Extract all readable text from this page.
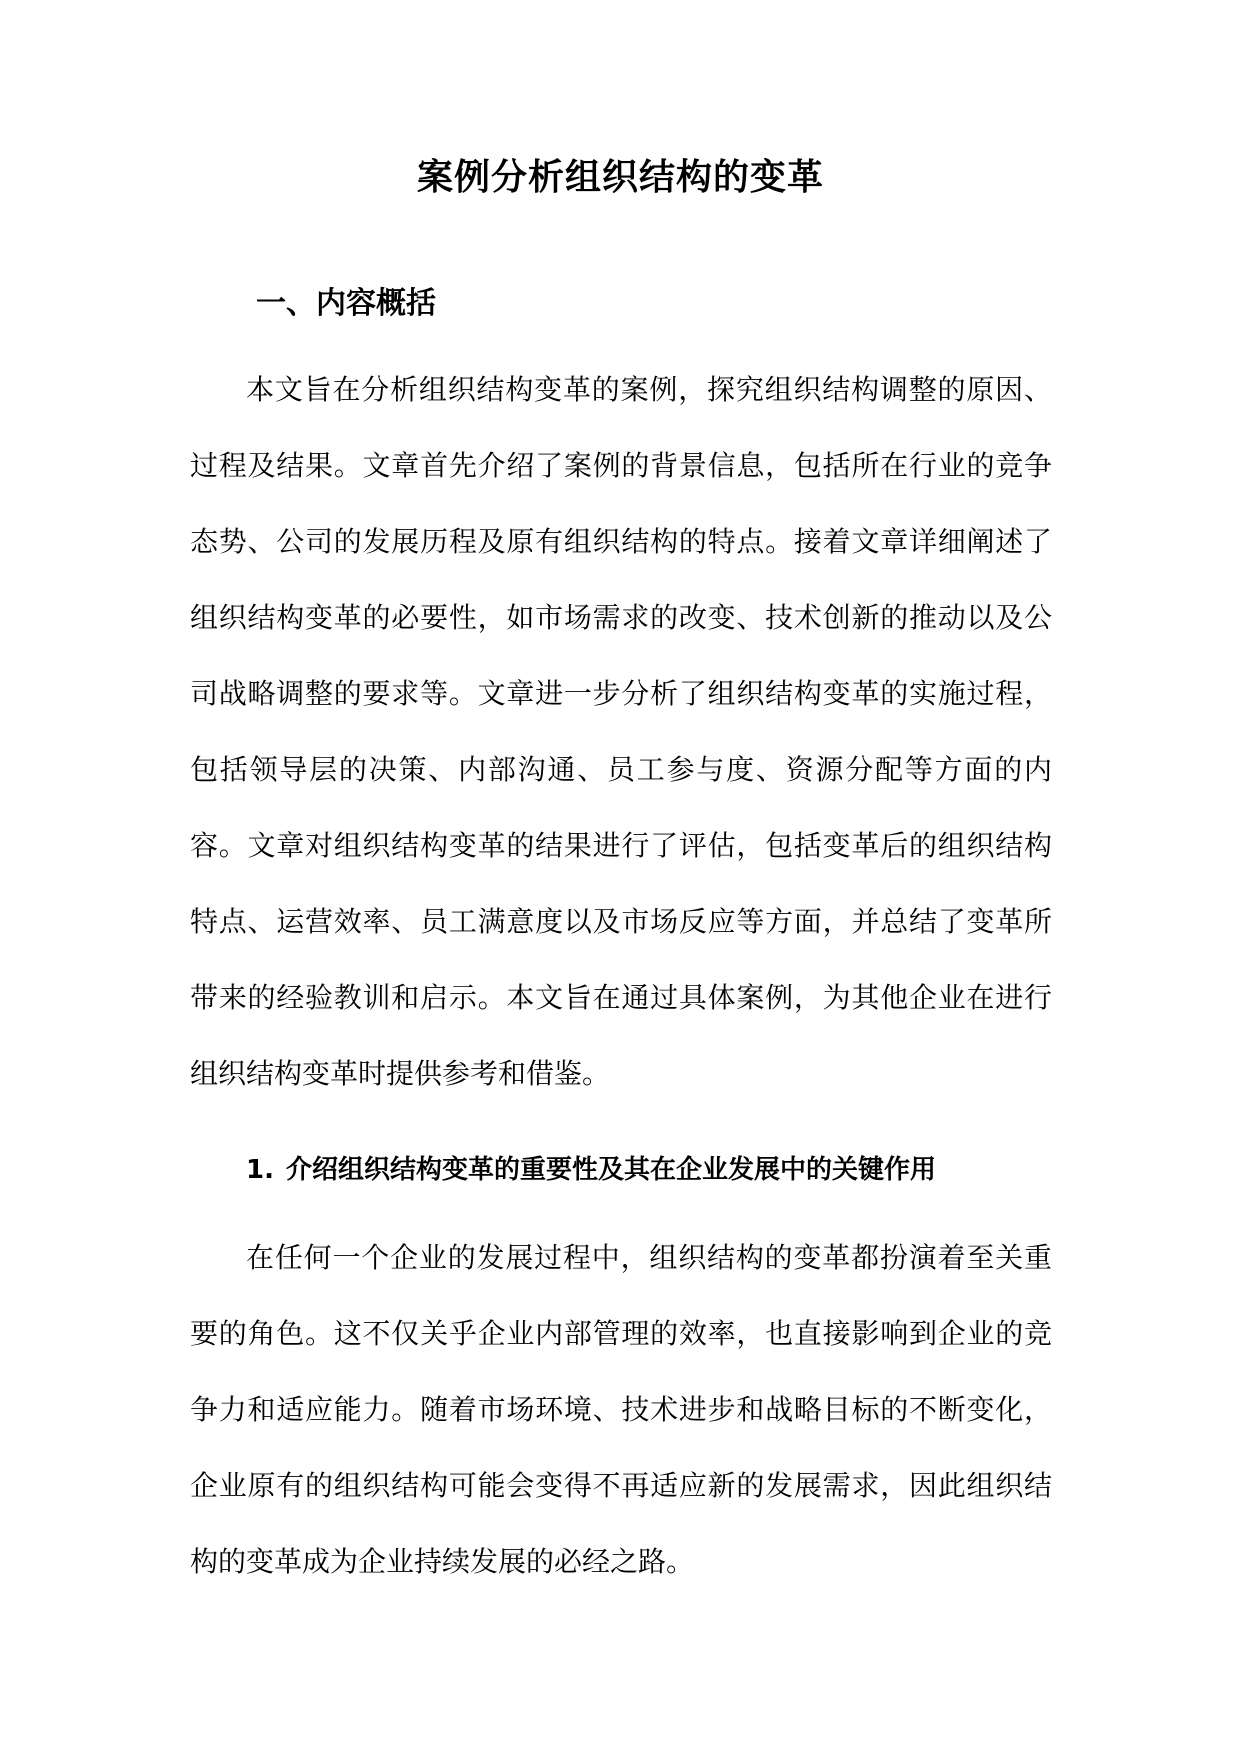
案例分析组织结构的变革
一、内容概括

本文旨在分析组织结构变革的案例，探究组织结构调整的原因、过程及结果。文章首先介绍了案例的背景信息，包括所在行业的竞争态势、公司的发展历程及原有组织结构的特点。接着文章详细阐述了组织结构变革的必要性，如市场需求的改变、技术创新的推动以及公司战略调整的要求等。文章进一步分析了组织结构变革的实施过程，包括领导层的决策、内部沟通、员工参与度、资源分配等方面的内容。文章对组织结构变革的结果进行了评估，包括变革后的组织结构特点、运营效率、员工满意度以及市场反应等方面，并总结了变革所带来的经验教训和启示。本文旨在通过具体案例，为其他企业在进行组织结构变革时提供参考和借鉴。

1. 介绍组织结构变革的重要性及其在企业发展中的关键作用

在任何一个企业的发展过程中，组织结构的变革都扮演着至关重要的角色。这不仅关乎企业内部管理的效率，也直接影响到企业的竞争力和适应能力。随着市场环境、技术进步和战略目标的不断变化，企业原有的组织结构可能会变得不再适应新的发展需求，因此组织结构的变革成为企业持续发展的必经之路。
